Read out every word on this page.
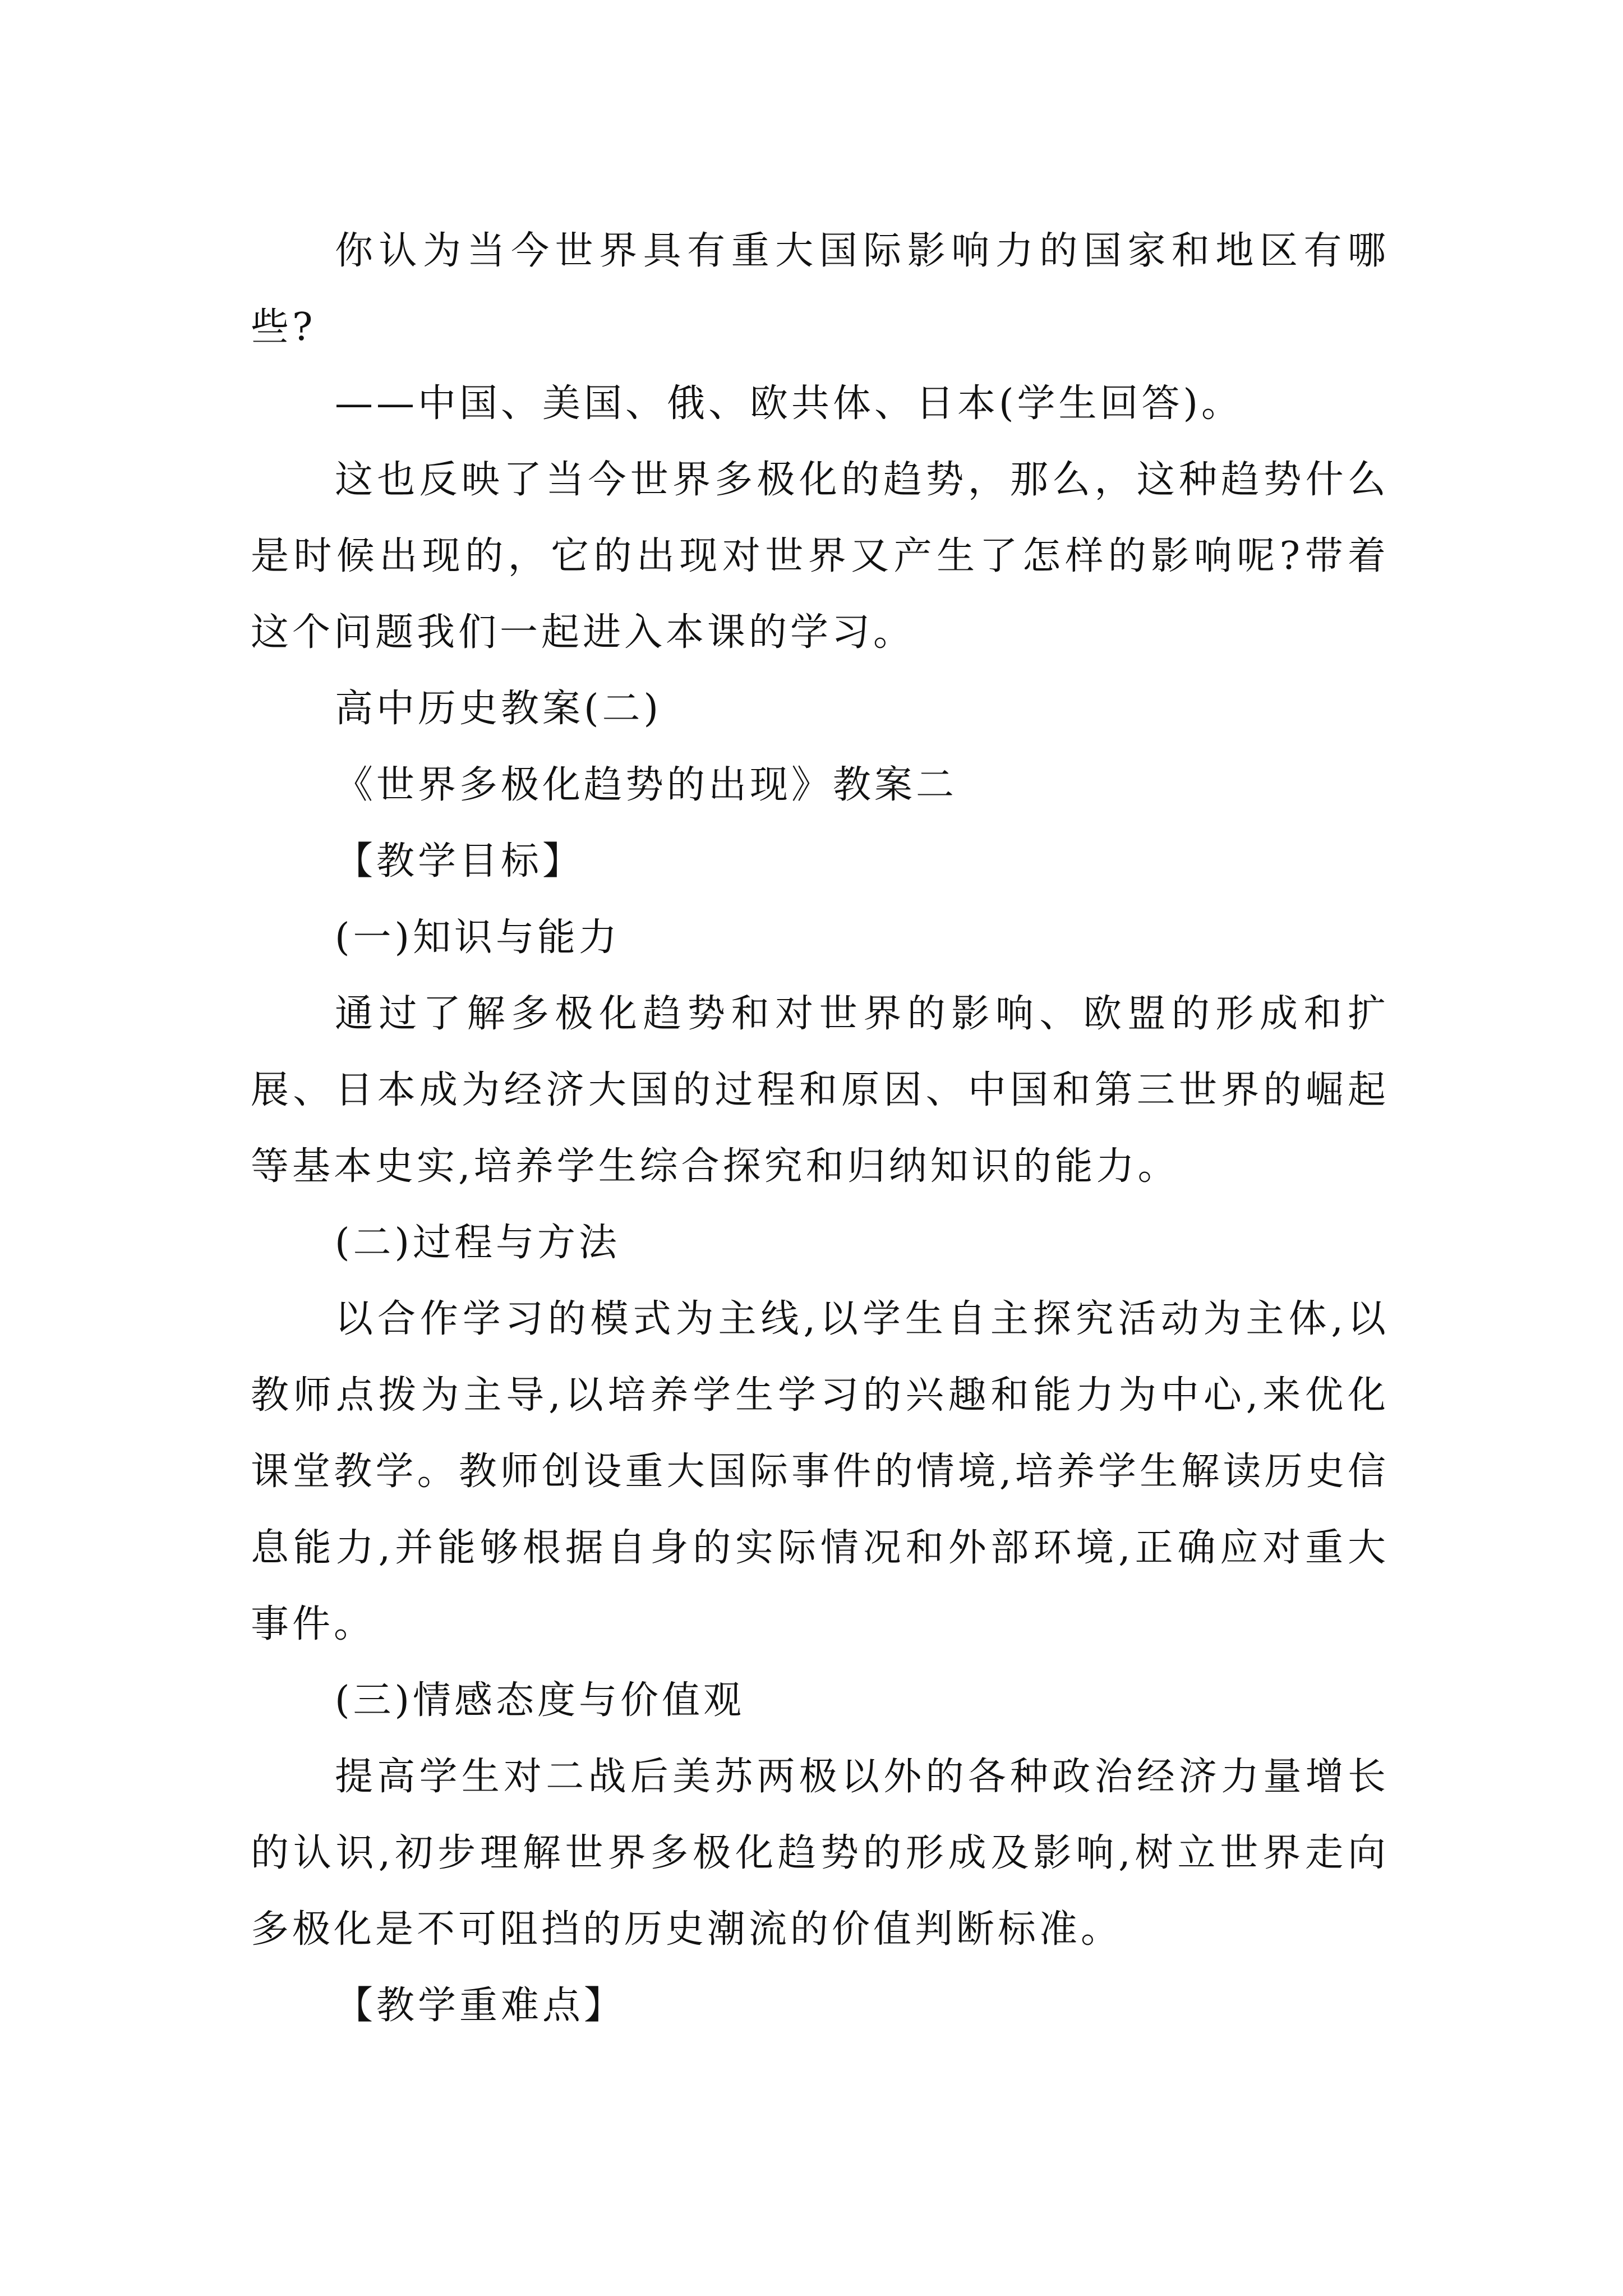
你认为当今世界具有重大国际影响力的国家和地区有哪些?

——中国、美国、俄、欧共体、日本(学生回答)。

这也反映了当今世界多极化的趋势，那么，这种趋势什么是时候出现的，它的出现对世界又产生了怎样的影响呢?带着这个问题我们一起进入本课的学习。

高中历史教案(二)

《世界多极化趋势的出现》教案二

【教学目标】

(一)知识与能力

通过了解多极化趋势和对世界的影响、欧盟的形成和扩展、日本成为经济大国的过程和原因、中国和第三世界的崛起等基本史实,培养学生综合探究和归纳知识的能力。

(二)过程与方法

以合作学习的模式为主线,以学生自主探究活动为主体,以教师点拨为主导,以培养学生学习的兴趣和能力为中心,来优化课堂教学。教师创设重大国际事件的情境,培养学生解读历史信息能力,并能够根据自身的实际情况和外部环境,正确应对重大事件。

(三)情感态度与价值观

提高学生对二战后美苏两极以外的各种政治经济力量增长的认识,初步理解世界多极化趋势的形成及影响,树立世界走向多极化是不可阻挡的历史潮流的价值判断标准。

【教学重难点】
